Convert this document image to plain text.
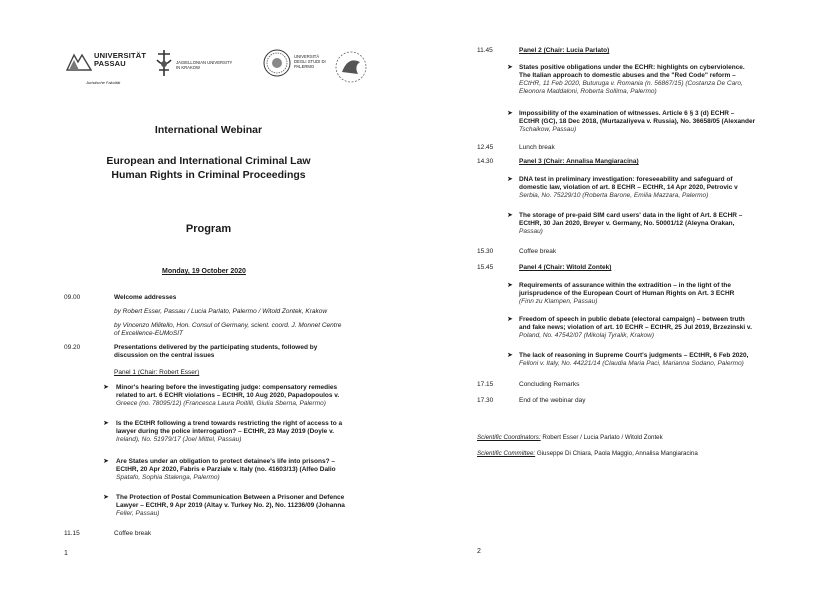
UNIVERSITÄT PASSAU
Juristische Fakultät
JAGIELLONIAN UNIVERSITY IN KRAKOW
UNIVERSITÀ DEGLI STUDI DI PALERMO
International Webinar
European and International Criminal Law
Human Rights in Criminal Proceedings
Program
Monday, 19 October 2020
09.00	Welcome addresses
by Robert Esser, Passau / Lucia Parlato, Palermo / Witold Zontek, Krakow
by Vincenzo Militello, Hon. Consul of Germany, scient. coord. J. Monnet Centre
of Excellence-EUMoSIT
09.20	Presentations delivered by the participating students, followed by
discussion on the central issues
Panel 1 (Chair: Robert Esser)
➤ Minor's hearing before the investigating judge: compensatory remedies
related to art. 6 ECHR violations – ECtHR, 10 Aug 2020, Papadopoulos v.
Greece (no. 78095/12) (Francesca Laura Poitilli, Giulia Sberna, Palermo)
➤ Is the ECtHR following a trend towards restricting the right of access to a
lawyer during the police interrogation? – ECtHR, 23 May 2019 (Doyle v.
Ireland), No. 51979/17 (Joel Mittel, Passau)
➤ Are States under an obligation to protect detainee's life into prisons? –
ECtHR, 20 Apr 2020, Fabris e Parziale v. Italy (no. 41603/13) (Alfeo Dalio
Spatafo, Sophia Stalenga, Palermo)
➤ The Protection of Postal Communication Between a Prisoner and Defence
Lawyer – ECtHR, 9 Apr 2019 (Altay v. Turkey No. 2), No. 11236/09 (Johanna
Feller, Passau)
11.15	Coffee break
1
11.45	Panel 2 (Chair: Lucia Parlato)
➤ States positive obligations under the ECHR: highlights on cyberviolence.
The Italian approach to domestic abuses and the "Red Code" reform –
ECtHR, 11 Feb 2020, Buturuga v. Romania (n. 56867/15) (Costanza De Caro,
Eleonora Maddaloni, Roberta Sollima, Palermo)
➤ Impossibility of the examination of witnesses. Article 6 § 3 (d) ECHR –
ECtHR (GC), 18 Dec 2018, (Murtazaliyeva v. Russia), No. 36658/05 (Alexander
Tschaikow, Passau)
12.45	Lunch break
14.30	Panel 3 (Chair: Annalisa Mangiaracina)
➤ DNA test in preliminary investigation: foreseeability and safeguard of
domestic law, violation of art. 8 ECHR – ECtHR, 14 Apr 2020, Petrovic v
Serbia, No. 75229/10 (Roberta Barone, Emilia Mazzara, Palermo)
➤ The storage of pre-paid SIM card users' data in the light of Art. 8 ECHR –
ECtHR, 30 Jan 2020, Breyer v. Germany, No. 50001/12 (Aleyna Orakan,
Passau)
15.30	Coffee break
15.45	Panel 4 (Chair: Witold Zontek)
➤ Requirements of assurance within the extradition – in the light of the
jurisprudence of the European Court of Human Rights on Art. 3 ECHR
(Finn zu Klampen, Passau)
➤ Freedom of speech in public debate (electoral campaign) – between truth
and fake news; violation of art. 10 ECHR – ECtHR, 25 Jul 2019, Brzezinski v.
Poland, No. 47542/07 (Mikolaj Tyralik, Krakow)
➤ The lack of reasoning in Supreme Court's judgments – ECtHR, 6 Feb 2020,
Felloni v. Italy, No. 44221/14 (Claudia Maria Paci, Marianna Sodano, Palermo)
17.15	Concluding Remarks
17.30	End of the webinar day
Scientific Coordinators: Robert Esser / Lucia Parlato / Witold Zontek
Scientific Committee: Giuseppe Di Chiara, Paola Maggio, Annalisa Mangiaracina
2
